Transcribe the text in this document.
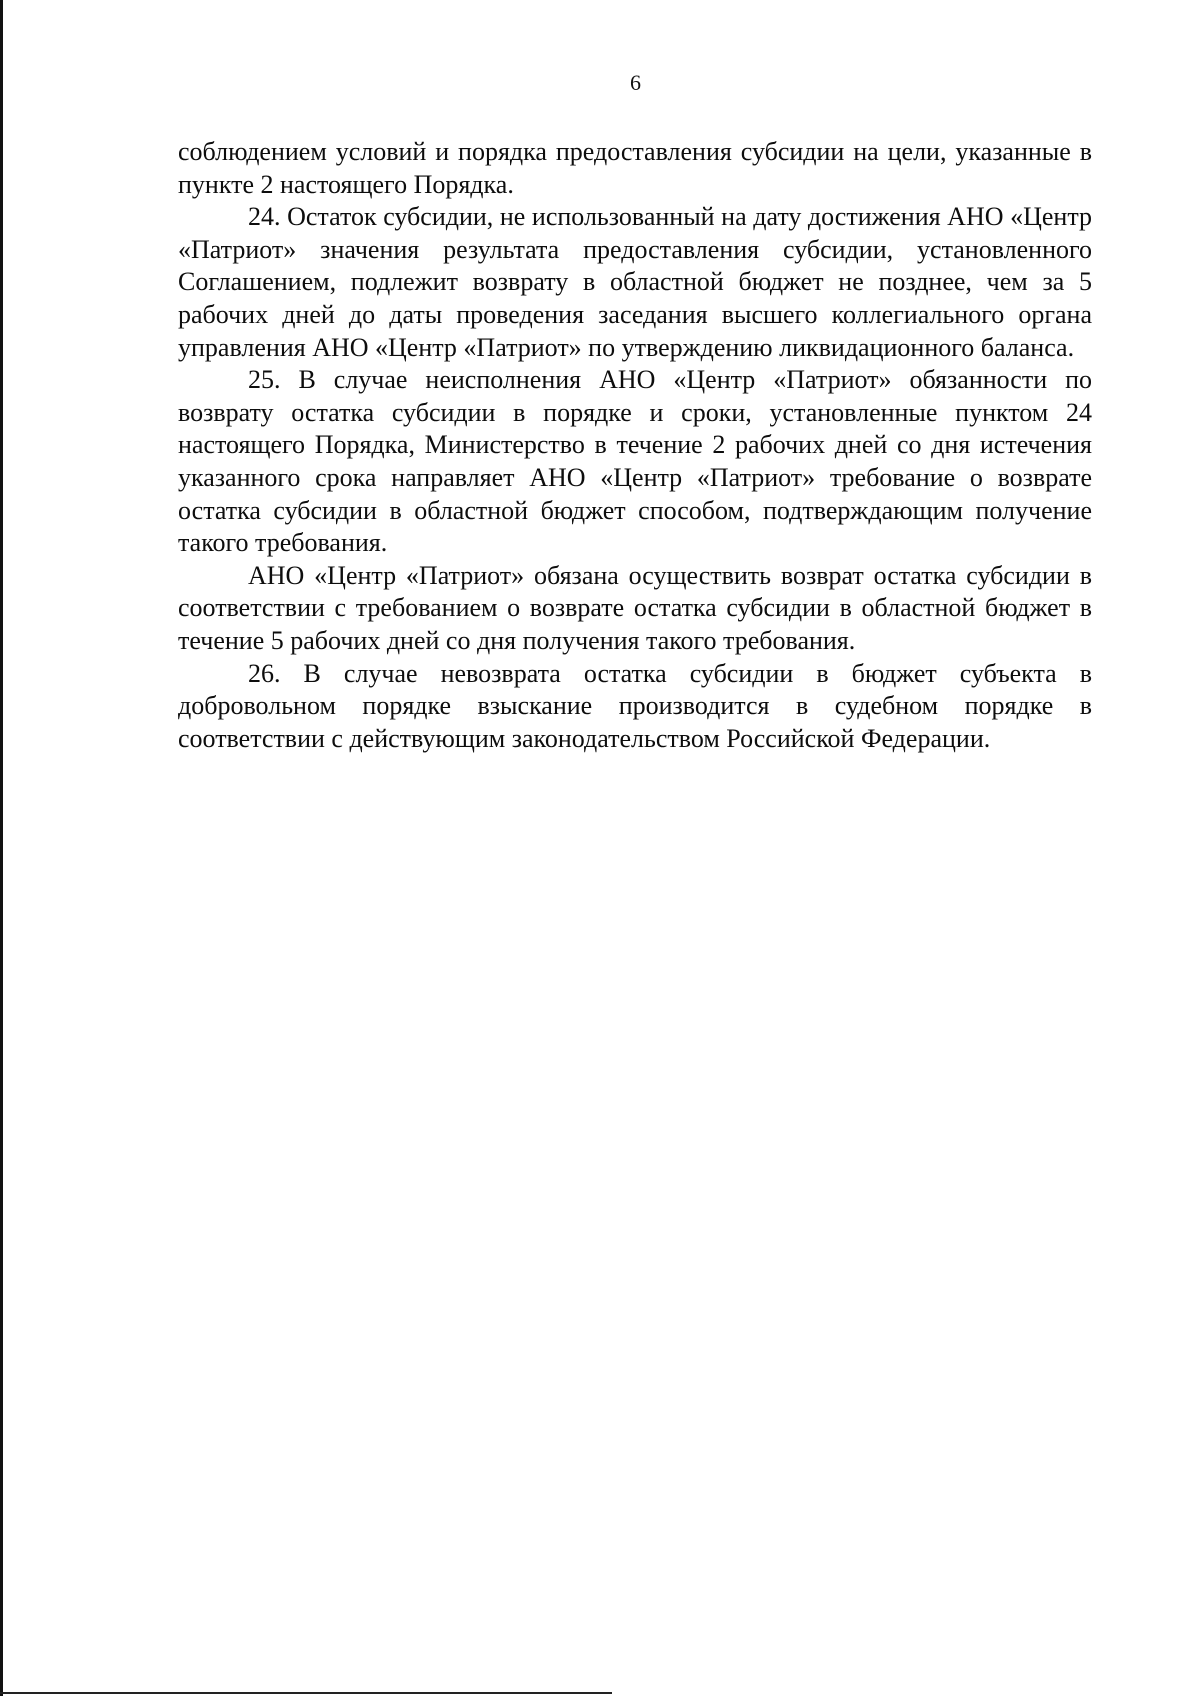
6

соблюдением условий и порядка предоставления субсидии на цели, указанные в пункте 2 настоящего Порядка.

24. Остаток субсидии, не использованный на дату достижения АНО «Центр «Патриот» значения результата предоставления субсидии, установленного Соглашением, подлежит возврату в областной бюджет не позднее, чем за 5 рабочих дней до даты проведения заседания высшего коллегиального органа управления АНО «Центр «Патриот» по утверждению ликвидационного баланса.

25. В случае неисполнения АНО «Центр «Патриот» обязанности по возврату остатка субсидии в порядке и сроки, установленные пунктом 24 настоящего Порядка, Министерство в течение 2 рабочих дней со дня истечения указанного срока направляет АНО «Центр «Патриот» требование о возврате остатка субсидии в областной бюджет способом, подтверждающим получение такого требования.

АНО «Центр «Патриот» обязана осуществить возврат остатка субсидии в соответствии с требованием о возврате остатка субсидии в областной бюджет в течение 5 рабочих дней со дня получения такого требования.

26. В случае невозврата остатка субсидии в бюджет субъекта в добровольном порядке взыскание производится в судебном порядке в соответствии с действующим законодательством Российской Федерации.
